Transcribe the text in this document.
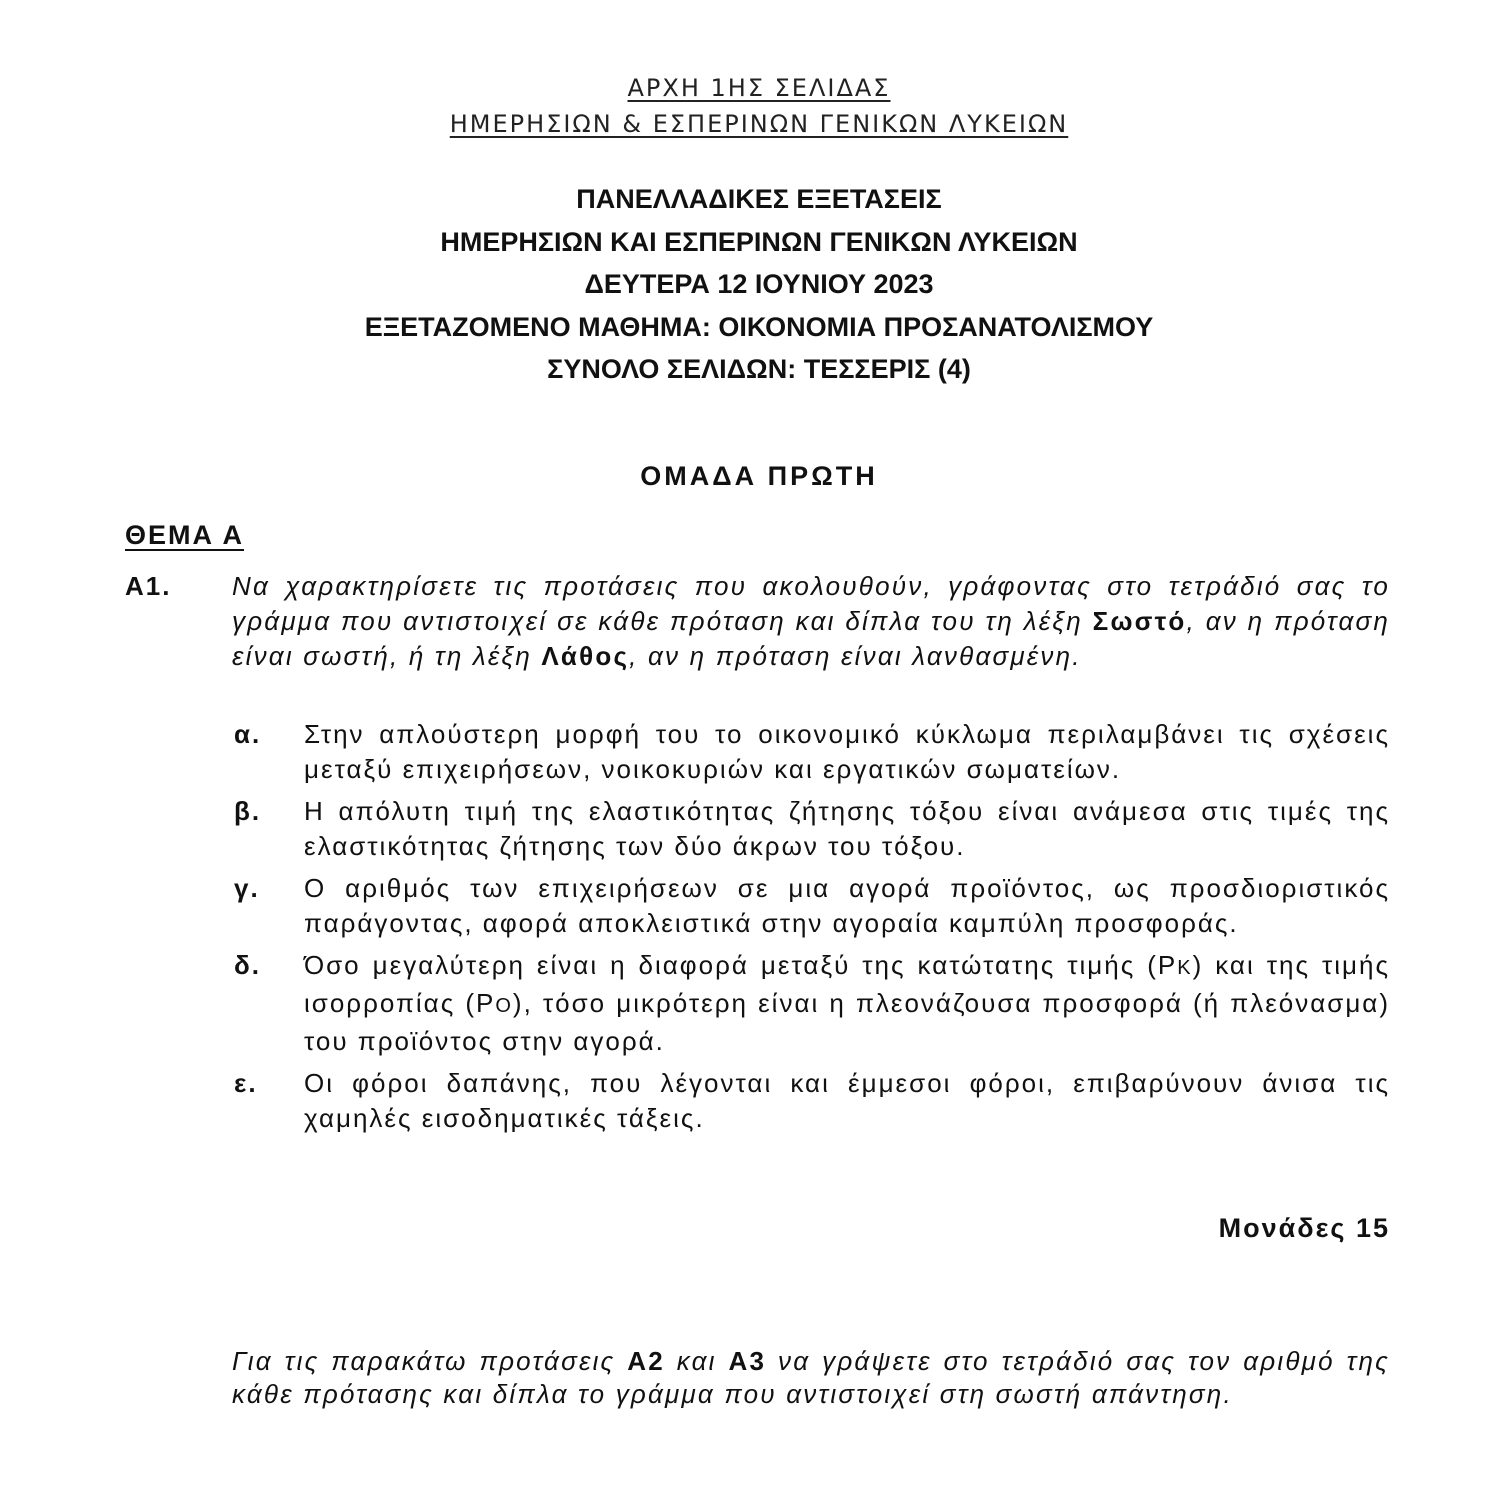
ΑΡΧΗ 1ΗΣ ΣΕΛΙΔΑΣ
ΗΜΕΡΗΣΙΩΝ & ΕΣΠΕΡΙΝΩΝ ΓΕΝΙΚΩΝ ΛΥΚΕΙΩΝ
ΠΑΝΕΛΛΑΔΙΚΕΣ ΕΞΕΤΑΣΕΙΣ
ΗΜΕΡΗΣΙΩΝ ΚΑΙ ΕΣΠΕΡΙΝΩΝ ΓΕΝΙΚΩΝ ΛΥΚΕΙΩΝ
ΔΕΥΤΕΡΑ 12 ΙΟΥΝΙΟΥ 2023
ΕΞΕΤΑΖΟΜΕΝΟ ΜΑΘΗΜΑ: ΟΙΚΟΝΟΜΙΑ ΠΡΟΣΑΝΑΤΟΛΙΣΜΟΥ
ΣΥΝΟΛΟ ΣΕΛΙΔΩΝ: ΤΕΣΣΕΡΙΣ (4)
ΟΜΑΔΑ ΠΡΩΤΗ
ΘΕΜΑ Α
Α1. Να χαρακτηρίσετε τις προτάσεις που ακολουθούν, γράφοντας στο τετράδιό σας το γράμμα που αντιστοιχεί σε κάθε πρόταση και δίπλα του τη λέξη Σωστό, αν η πρόταση είναι σωστή, ή τη λέξη Λάθος, αν η πρόταση είναι λανθασμένη.
α. Στην απλούστερη μορφή του το οικονομικό κύκλωμα περιλαμβάνει τις σχέσεις μεταξύ επιχειρήσεων, νοικοκυριών και εργατικών σωματείων.
β. Η απόλυτη τιμή της ελαστικότητας ζήτησης τόξου είναι ανάμεσα στις τιμές της ελαστικότητας ζήτησης των δύο άκρων του τόξου.
γ. Ο αριθμός των επιχειρήσεων σε μια αγορά προϊόντος, ως προσδιοριστικός παράγοντας, αφορά αποκλειστικά στην αγοραία καμπύλη προσφοράς.
δ. Όσο μεγαλύτερη είναι η διαφορά μεταξύ της κατώτατης τιμής (PK) και της τιμής ισορροπίας (PO), τόσο μικρότερη είναι η πλεονάζουσα προσφορά (ή πλεόνασμα) του προϊόντος στην αγορά.
ε. Οι φόροι δαπάνης, που λέγονται και έμμεσοι φόροι, επιβαρύνουν άνισα τις χαμηλές εισοδηματικές τάξεις.
Μονάδες 15
Για τις παρακάτω προτάσεις Α2 και Α3 να γράψετε στο τετράδιό σας τον αριθμό της κάθε πρότασης και δίπλα το γράμμα που αντιστοιχεί στη σωστή απάντηση.
